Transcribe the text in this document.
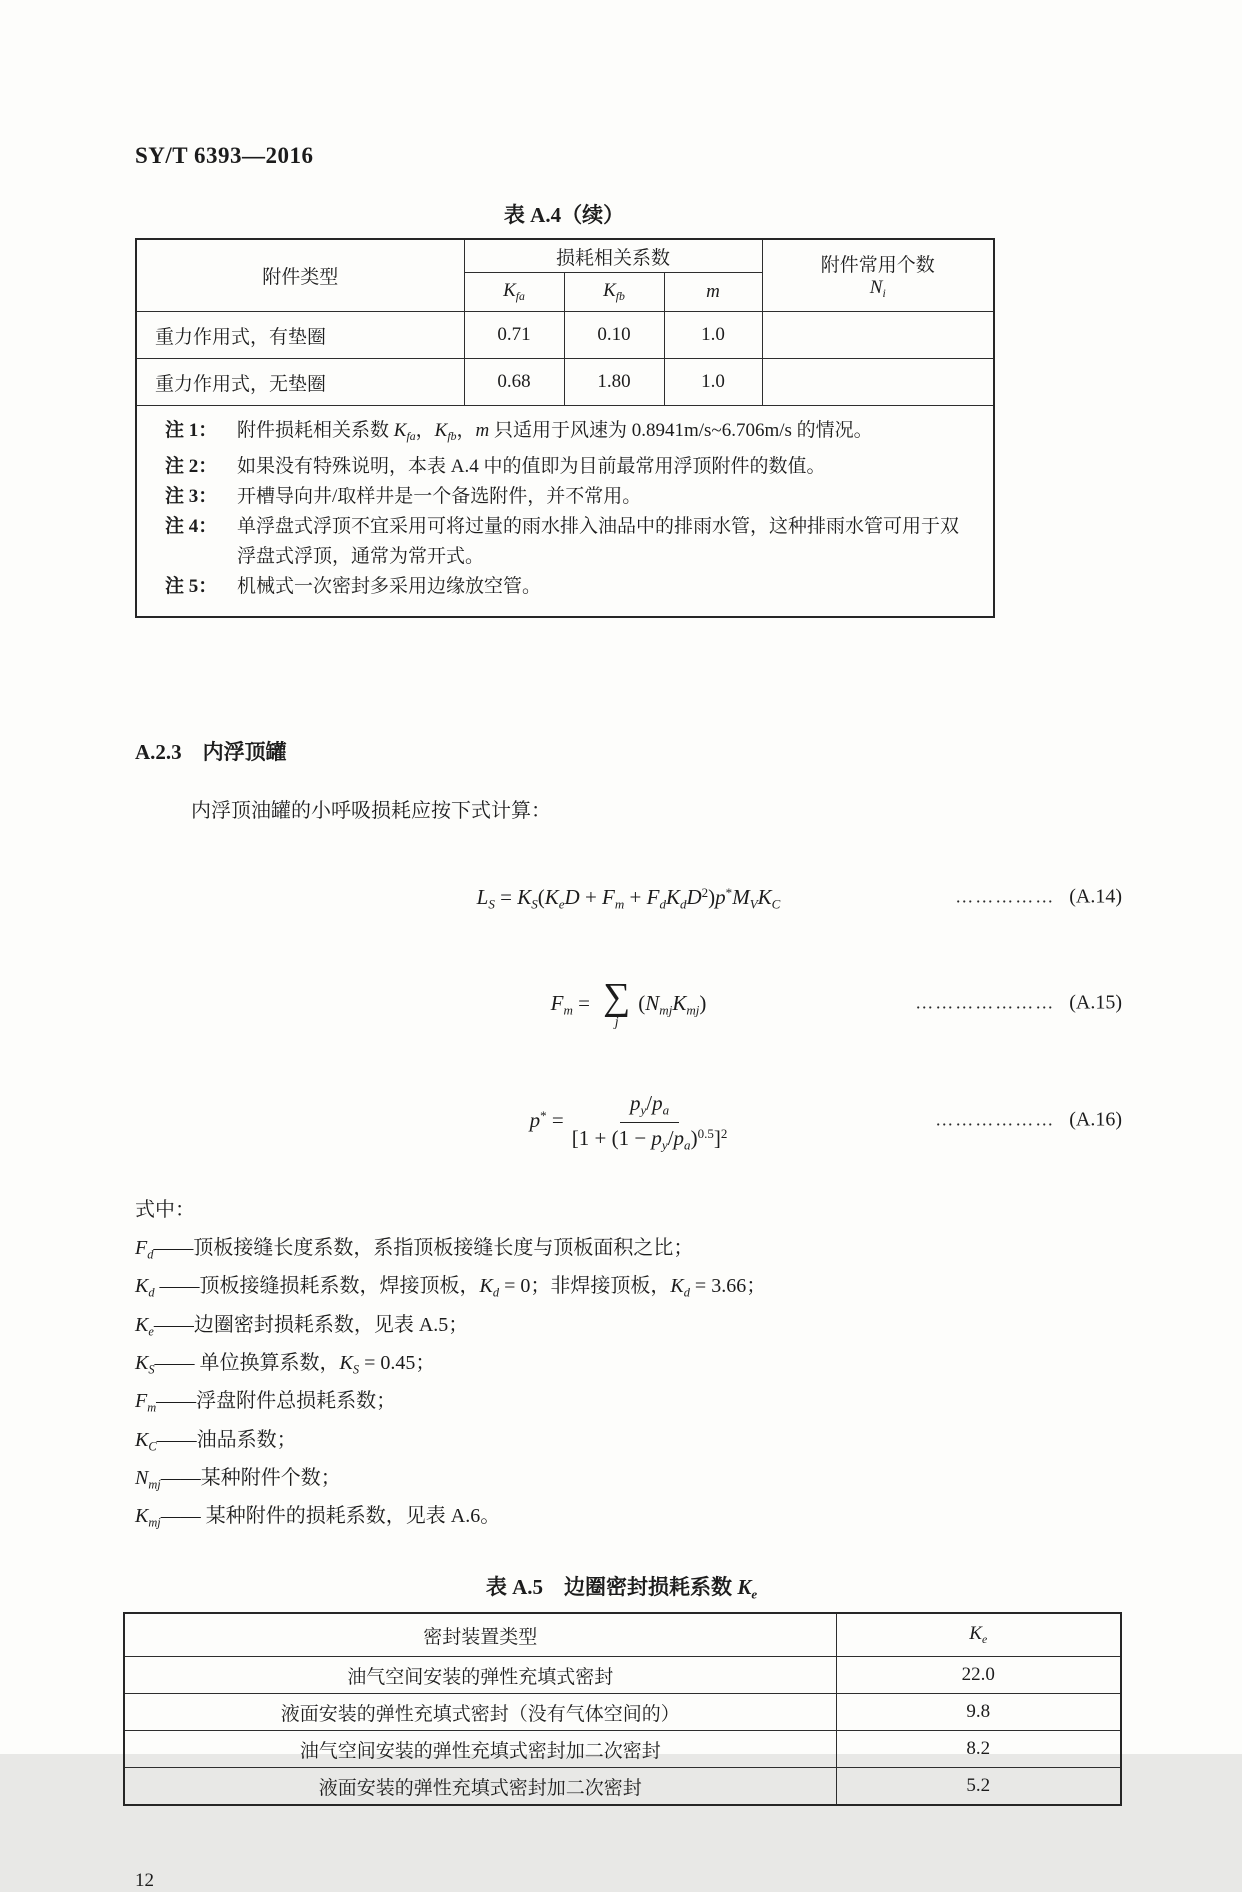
SY/T 6393—2016
表 A.4（续）
附件类型	损耗相关系数			附件常用个数
$N_i$

	$K_{fa}$	$K_{fb}$	m	
重力作用式，有垫圈	0.71	0.10	1.0	
重力作用式，无垫圈	0.68	1.80	1.0	

注 1：	附件损耗相关系数 $K_{fa}$，$K_{fb}$，m 只适用于风速为 0.8941m/s~6.706m/s 的情况。
注 2：	如果没有特殊说明，本表 A.4 中的值即为目前最常用浮顶附件的数值。
注 3：	开槽导向井/取样井是一个备选附件，并不常用。
注 4：	单浮盘式浮顶不宜采用可将过量的雨水排入油品中的排雨水管，这种排雨水管可用于双浮盘式浮顶，通常为常开式。
注 5：	机械式一次密封多采用边缘放空管。
A.2.3　内浮顶罐
内浮顶油罐的小呼吸损耗应按下式计算：
$L_S = K_S(K_eD + F_m + F_dK_dD^2)p^*M_VK_C$	…………… (A.14)
$F_m$ = ∑
j
$(N_{mj}K_{mj})$	………………… (A.15)
$p^* = \frac{p_y/p_a}{[1 + (1 - p_y/p_a)^{0.5}]^2}$	……………… (A.16)
式中：
$F_d——$顶板接缝长度系数，系指顶板接缝长度与顶板面积之比；
$K_d$ ——顶板接缝损耗系数，焊接顶板，$K_d = 0$；非焊接顶板，$K_d = 3.66$；
$K_e——$边圈密封损耗系数，见表 A.5；
$K_S——$ 单位换算系数，$K_S = 0.45$；
$F_m——$浮盘附件总损耗系数；
$K_C——$油品系数；
$N_{mj}——$某种附件个数；
$K_{mj}——$ 某种附件的损耗系数，见表 A.6。
表 A.5　边圈密封损耗系数 $K_e$
密封装置类型	$K_e$
油气空间安装的弹性充填式密封	22.0
液面安装的弹性充填式密封（没有气体空间的）	9.8
油气空间安装的弹性充填式密封加二次密封	8.2
液面安装的弹性充填式密封加二次密封	5.2
12
